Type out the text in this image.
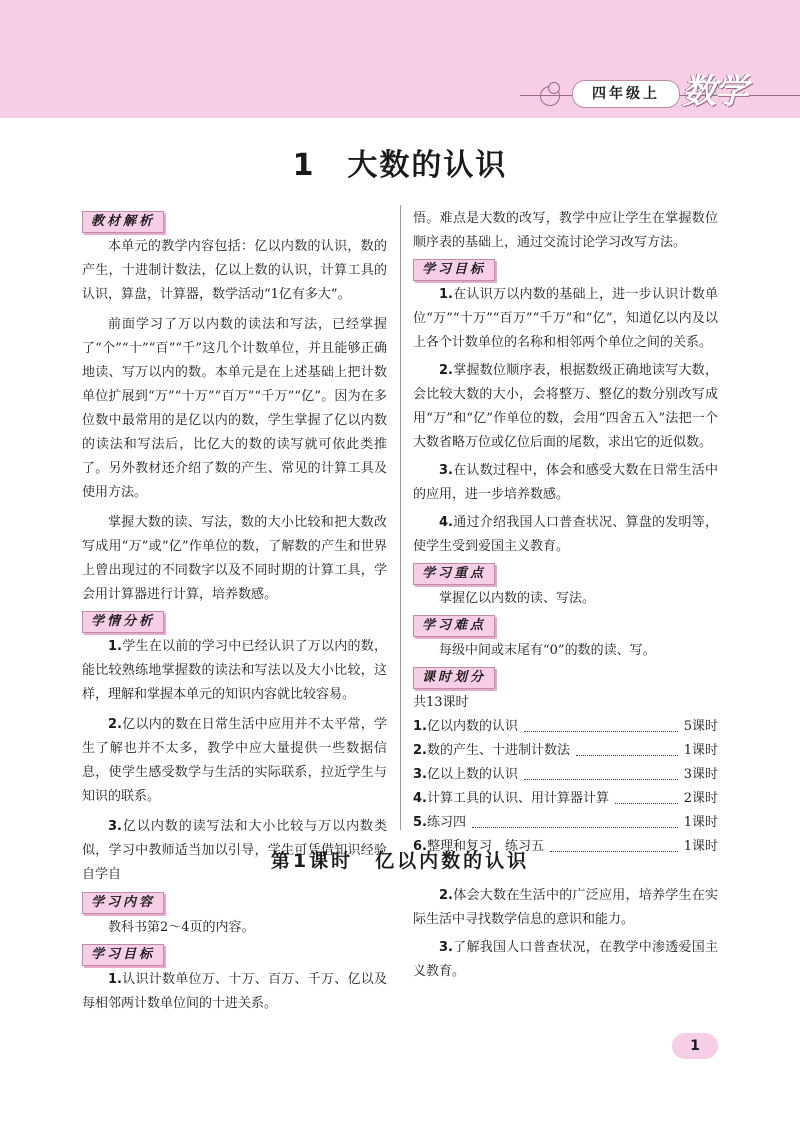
四年级上 数学
1　大数的认识
教材解析

本单元的教学内容包括：亿以内数的认识，数的产生，十进制计数法，亿以上数的认识，计算工具的认识，算盘，计算器，数学活动“1亿有多大”。

前面学习了万以内数的读法和写法，已经掌握了“个”“十”“百”“千”这几个计数单位，并且能够正确地读、写万以内的数。本单元是在上述基础上把计数单位扩展到“万”“十万”“百万”“千万”“亿”。因为在多位数中最常用的是亿以内的数，学生掌握了亿以内数的读法和写法后，比亿大的数的读写就可依此类推了。另外教材还介绍了数的产生、常见的计算工具及使用方法。

掌握大数的读、写法，数的大小比较和把大数改写成用“万”或“亿”作单位的数，了解数的产生和世界上曾出现过的不同数字以及不同时期的计算工具，学会用计算器进行计算，培养数感。

学情分析

1.学生在以前的学习中已经认识了万以内的数，能比较熟练地掌握数的读法和写法以及大小比较，这样，理解和掌握本单元的知识内容就比较容易。

2.亿以内的数在日常生活中应用并不太平常，学生了解也并不太多，教学中应大量提供一些数据信息，使学生感受数学与生活的实际联系，拉近学生与知识的联系。

3.亿以内数的读写法和大小比较与万以内数类似，学习中教师适当加以引导，学生可凭借知识经验自学自

悟。难点是大数的改写，教学中应让学生在掌握数位顺序表的基础上，通过交流讨论学习改写方法。

学习目标

1.在认识万以内数的基础上，进一步认识计数单位“万”“十万”“百万”“千万”和“亿”，知道亿以内及以上各个计数单位的名称和相邻两个单位之间的关系。

2.掌握数位顺序表，根据数级正确地读写大数，会比较大数的大小，会将整万、整亿的数分别改写成用“万”和“亿”作单位的数，会用“四舍五入”法把一个大数省略万位或亿位后面的尾数，求出它的近似数。

3.在认数过程中，体会和感受大数在日常生活中的应用，进一步培养数感。

4.通过介绍我国人口普查状况、算盘的发明等，使学生受到爱国主义教育。

学习重点

掌握亿以内数的读、写法。

学习难点

每级中间或末尾有“0”的数的读、写。

课时划分

共13课时

1.亿以内数的认识	5课时
2.数的产生、十进制计数法	1课时
3.亿以上数的认识	3课时
4.计算工具的认识、用计算器计算	2课时
5.练习四	1课时
6.整理和复习　练习五	1课时
第1课时　亿以内数的认识
学习内容

教科书第2～4页的内容。

学习目标

1.认识计数单位万、十万、百万、千万、亿以及每相邻两计数单位间的十进关系。

2.体会大数在生活中的广泛应用，培养学生在实际生活中寻找数学信息的意识和能力。

3.了解我国人口普查状况，在教学中渗透爱国主义教育。

1
